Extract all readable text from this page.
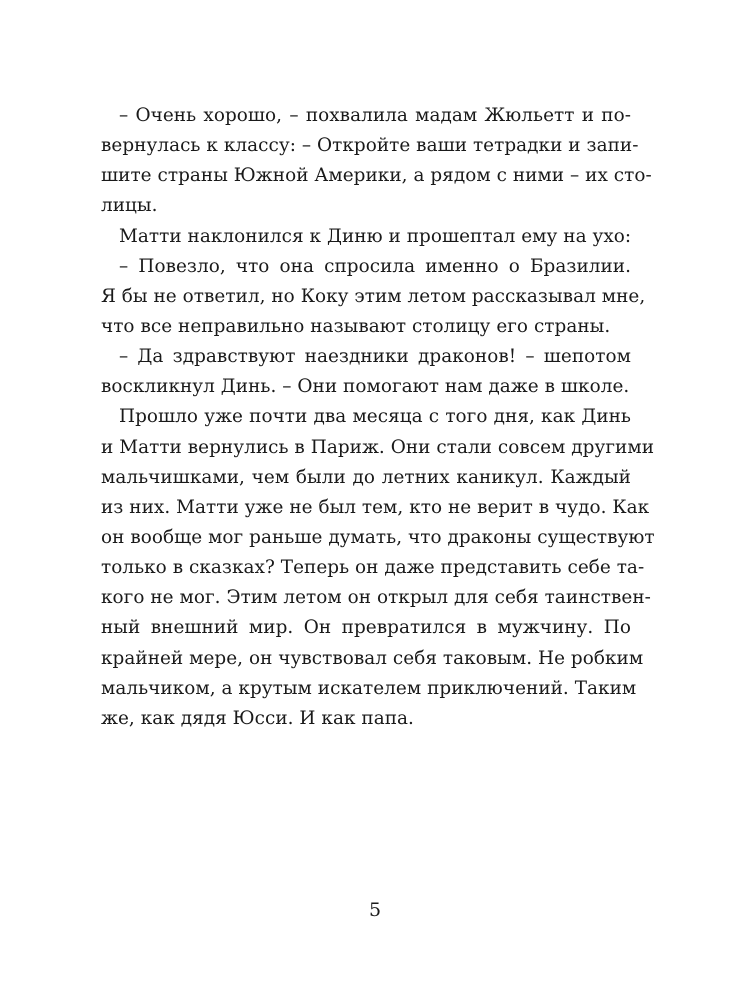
– Очень хорошо, – похвалила мадам Жюльетт и по-
вернулась к классу: – Откройте ваши тетрадки и запи-
шите страны Южной Америки, а рядом с ними – их сто-
лицы.
Матти наклонился к Диню и прошептал ему на ухо:
– Повезло, что она спросила именно о Бразилии.
Я бы не ответил, но Коку этим летом рассказывал мне,
что все неправильно называют столицу его страны.
– Да здравствуют наездники драконов! – шепотом
воскликнул Динь. – Они помогают нам даже в школе.
Прошло уже почти два месяца с того дня, как Динь
и Матти вернулись в Париж. Они стали совсем другими
мальчишками, чем были до летних каникул. Каждый
из них. Матти уже не был тем, кто не верит в чудо. Как
он вообще мог раньше думать, что драконы существуют
только в сказках? Теперь он даже представить себе та-
кого не мог. Этим летом он открыл для себя таинствен-
ный внешний мир. Он превратился в мужчину. По
крайней мере, он чувствовал себя таковым. Не робким
мальчиком, а крутым искателем приключений. Таким
же, как дядя Юсси. И как папа.
5
